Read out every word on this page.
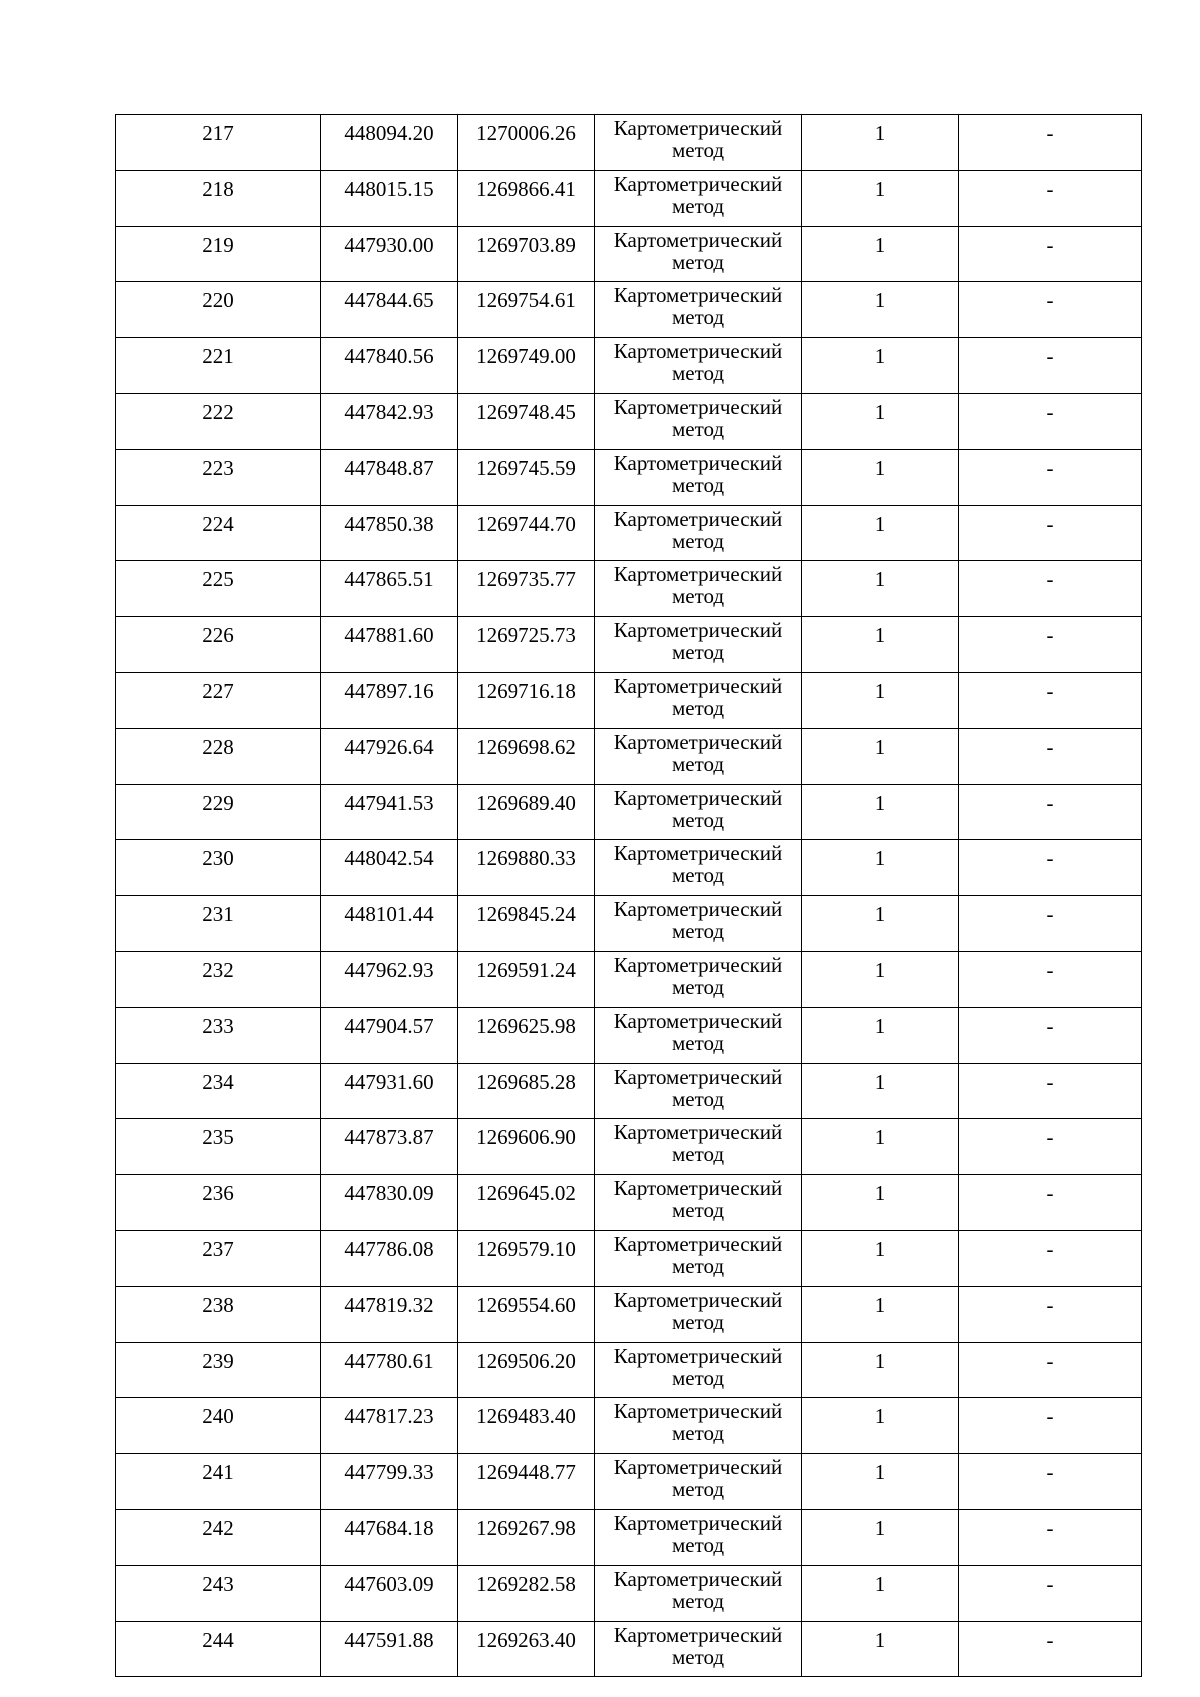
217	448094.20	1270006.26	Картометрический метод	1	-
218	448015.15	1269866.41	Картометрический метод	1	-
219	447930.00	1269703.89	Картометрический метод	1	-
220	447844.65	1269754.61	Картометрический метод	1	-
221	447840.56	1269749.00	Картометрический метод	1	-
222	447842.93	1269748.45	Картометрический метод	1	-
223	447848.87	1269745.59	Картометрический метод	1	-
224	447850.38	1269744.70	Картометрический метод	1	-
225	447865.51	1269735.77	Картометрический метод	1	-
226	447881.60	1269725.73	Картометрический метод	1	-
227	447897.16	1269716.18	Картометрический метод	1	-
228	447926.64	1269698.62	Картометрический метод	1	-
229	447941.53	1269689.40	Картометрический метод	1	-
230	448042.54	1269880.33	Картометрический метод	1	-
231	448101.44	1269845.24	Картометрический метод	1	-
232	447962.93	1269591.24	Картометрический метод	1	-
233	447904.57	1269625.98	Картометрический метод	1	-
234	447931.60	1269685.28	Картометрический метод	1	-
235	447873.87	1269606.90	Картометрический метод	1	-
236	447830.09	1269645.02	Картометрический метод	1	-
237	447786.08	1269579.10	Картометрический метод	1	-
238	447819.32	1269554.60	Картометрический метод	1	-
239	447780.61	1269506.20	Картометрический метод	1	-
240	447817.23	1269483.40	Картометрический метод	1	-
241	447799.33	1269448.77	Картометрический метод	1	-
242	447684.18	1269267.98	Картометрический метод	1	-
243	447603.09	1269282.58	Картометрический метод	1	-
244	447591.88	1269263.40	Картометрический метод	1	-
